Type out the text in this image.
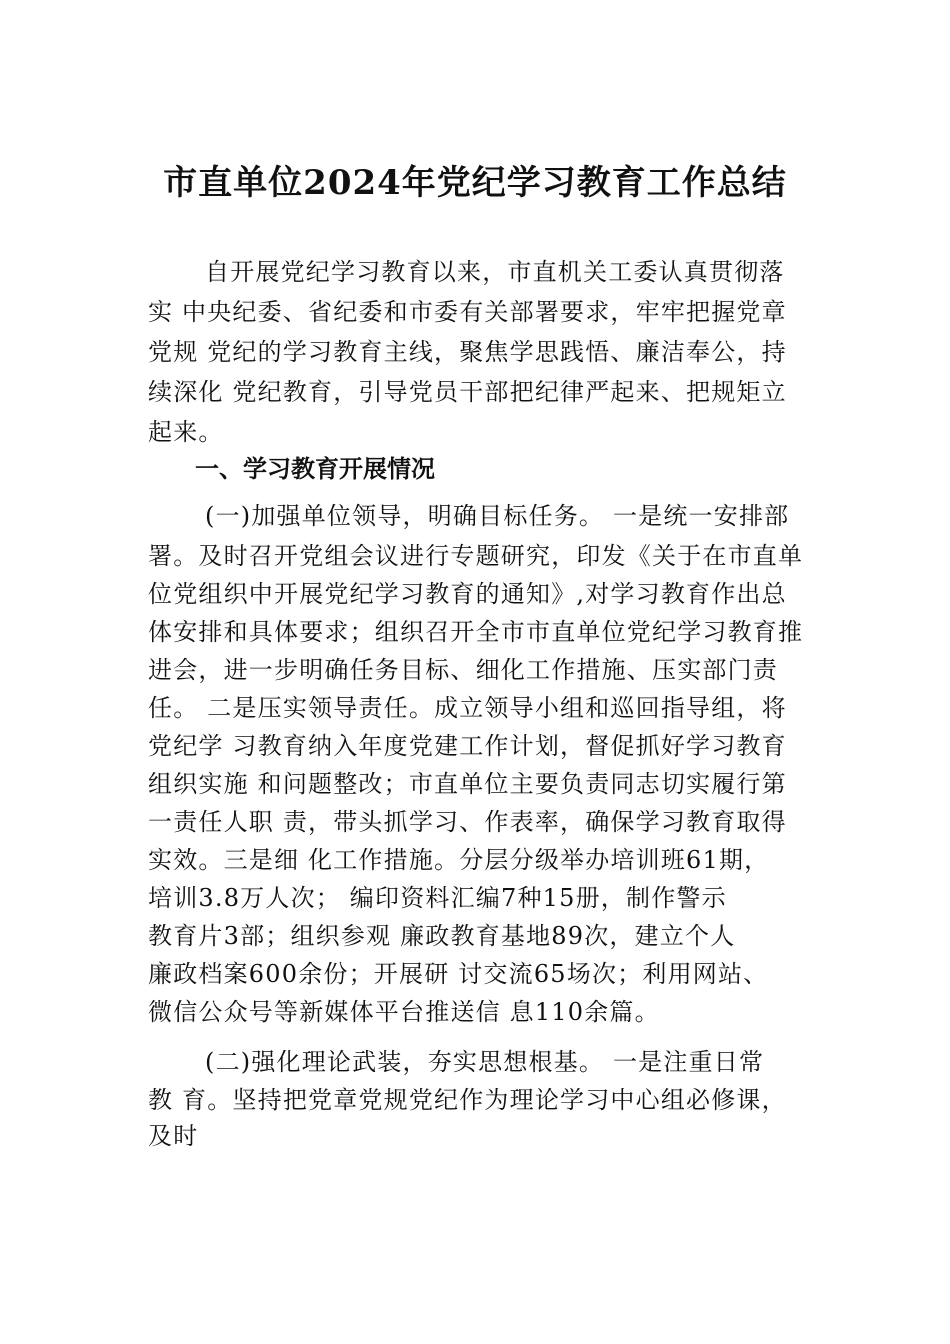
市直单位2024年党纪学习教育工作总结
自开展党纪学习教育以来，市直机关工委认真贯彻落
实 中央纪委、省纪委和市委有关部署要求，牢牢把握党章
党规 党纪的学习教育主线，聚焦学思践悟、廉洁奉公，持
续深化 党纪教育，引导党员干部把纪律严起来、把规矩立
起来。
一、学习教育开展情况
(一)加强单位领导，明确目标任务。 一是统一安排部
署。及时召开党组会议进行专题研究，印发《关于在市直单
位党组织中开展党纪学习教育的通知》,对学习教育作出总
体安排和具体要求；组织召开全市市直单位党纪学习教育推
进会，进一步明确任务目标、细化工作措施、压实部门责
任。 二是压实领导责任。成立领导小组和巡回指导组，将
党纪学 习教育纳入年度党建工作计划，督促抓好学习教育
组织实施 和问题整改；市直单位主要负责同志切实履行第
一责任人职 责，带头抓学习、作表率，确保学习教育取得
实效。三是细 化工作措施。分层分级举办培训班61期，
培训3.8万人次； 编印资料汇编7种15册，制作警示
教育片3部；组织参观 廉政教育基地89次，建立个人
廉政档案600余份；开展研 讨交流65场次；利用网站、
微信公众号等新媒体平台推送信 息110余篇。
(二)强化理论武装，夯实思想根基。 一是注重日常
教 育。坚持把党章党规党纪作为理论学习中心组必修课，
及时
